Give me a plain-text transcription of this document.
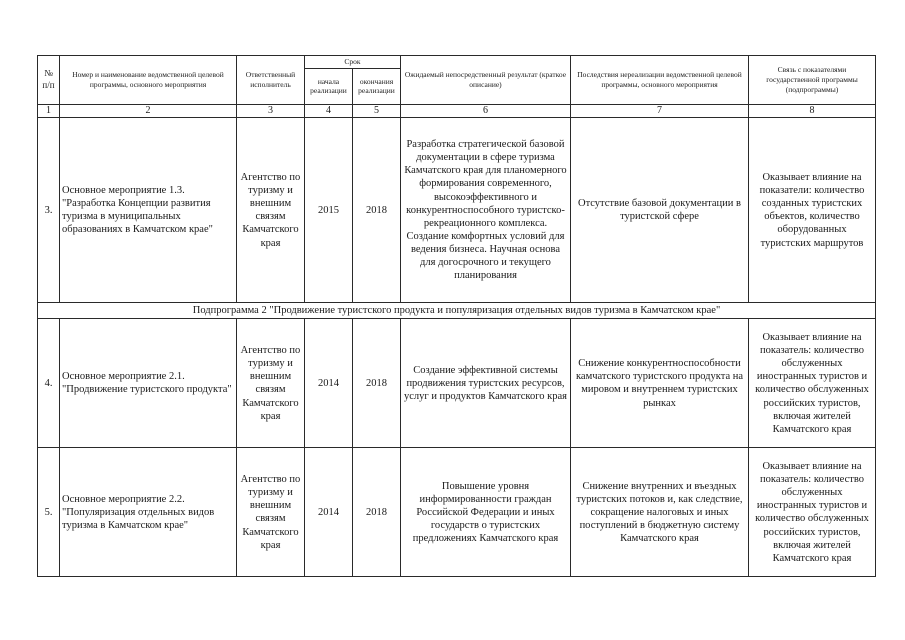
№ п/п	Номер и наименование ведомственной целевой программы, основного мероприятия	Ответственный исполнитель	Срок		Ожидаемый непосредственный результат (краткое описание)	Последствия нереализации ведомственной целевой программы, основного мероприятия	Связь с показателями государственной программы (подпрограммы)
			начала реализации	окончания реализации			
1	2	3	4	5	6	7	8
3.	Основное мероприятие 1.3. "Разработка Концепции развития туризма в муниципальных образованиях в Камчатском крае"	Агентство по туризму и внешним связям Камчатского края	2015	2018	Разработка стратегической базовой документации в сфере туризма Камчатского края для планомерного формирования современного, высокоэффективного и конкурентноспособного туристско-рекреационного комплекса. Создание комфортных условий для ведения бизнеса. Научная основа для догосрочного и текущего планирования	Отсутствие базовой документации в туристской сфере	Оказывает влияние на показатели: количество созданных туристских объектов, количество оборудованных туристских маршрутов
Подпрограмма 2 "Продвижение туристского продукта и популяризация отдельных видов туризма в Камчатском крае"							
4.	Основное мероприятие 2.1. "Продвижение туристского продукта"	Агентство по туризму и внешним связям Камчатского края	2014	2018	Создание эффективной системы продвижения туристских ресурсов, услуг и продуктов Камчатского края	Снижение конкурентноспособности камчатского туристского продукта на мировом и внутреннем туристских рынках	Оказывает влияние на показатель: количество обслуженных иностранных туристов и количество обслуженных российских туристов, включая жителей Камчатского края
5.	Основное мероприятие 2.2. "Популяризация отдельных видов туризма в Камчатском крае"	Агентство по туризму и внешним связям Камчатского края	2014	2018	Повышение уровня информированности граждан Российской Федерации и иных государств о туристских предложениях Камчатского края	Снижение внутренних и въездных туристских потоков и, как следствие, сокращение налоговых и иных поступлений в бюджетную систему Камчатского края	Оказывает влияние на показатель: количество обслуженных иностранных туристов и количество обслуженных российских туристов, включая жителей Камчатского края
